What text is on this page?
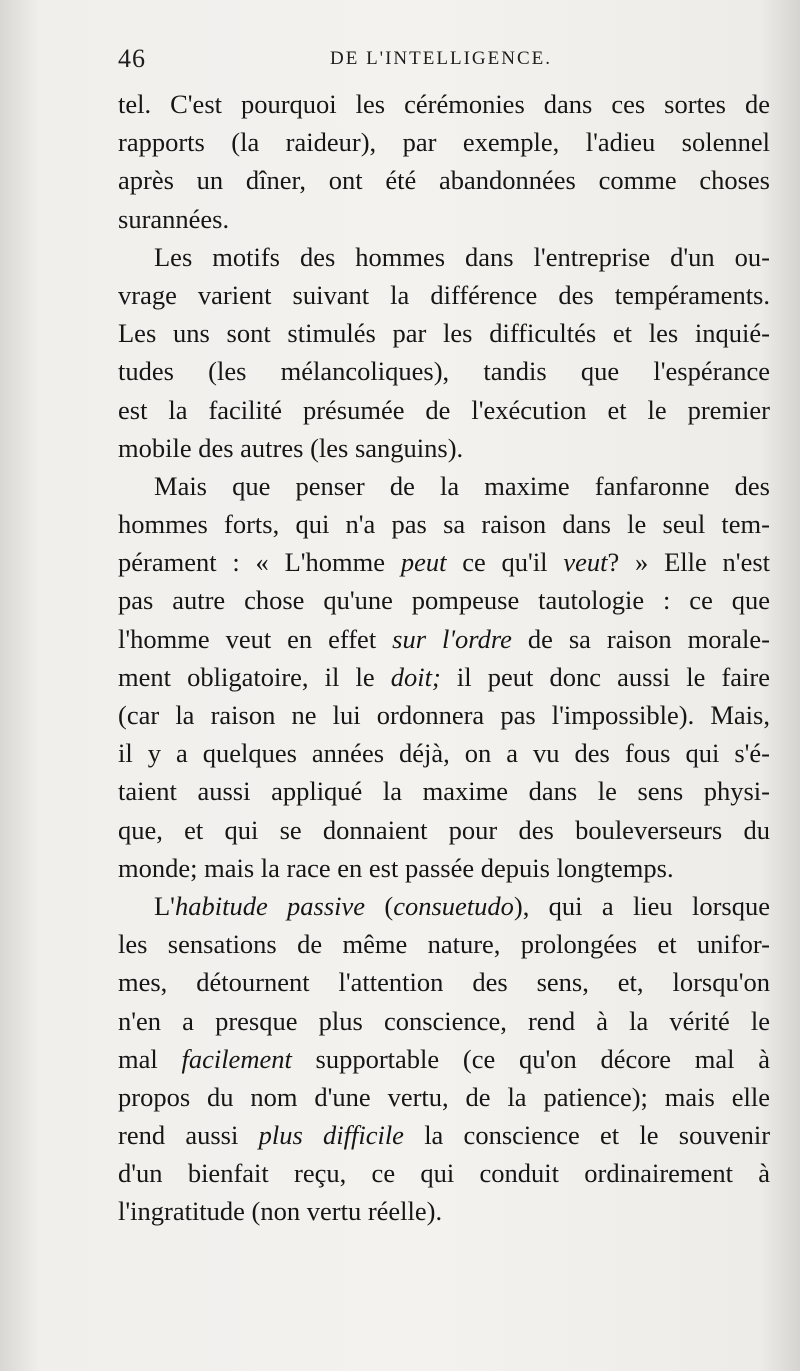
46	DE L'INTELLIGENCE.
tel. C'est pourquoi les cérémonies dans ces sortes de
rapports (la raideur), par exemple, l'adieu solennel
après un dîner, ont été abandonnées comme choses
surannées.
Les motifs des hommes dans l'entreprise d'un ou-
vrage varient suivant la différence des tempéraments.
Les uns sont stimulés par les difficultés et les inquié-
tudes (les mélancoliques), tandis que l'espérance
est la facilité présumée de l'exécution et le premier
mobile des autres (les sanguins).
Mais que penser de la maxime fanfaronne des
hommes forts, qui n'a pas sa raison dans le seul tem-
pérament : « L'homme peut ce qu'il veut? » Elle n'est
pas autre chose qu'une pompeuse tautologie : ce que
l'homme veut en effet sur l'ordre de sa raison morale-
ment obligatoire, il le doit; il peut donc aussi le faire
(car la raison ne lui ordonnera pas l'impossible). Mais,
il y a quelques années déjà, on a vu des fous qui s'é-
taient aussi appliqué la maxime dans le sens physi-
que, et qui se donnaient pour des bouleverseurs du
monde; mais la race en est passée depuis longtemps.
L'habitude passive (consuetudo), qui a lieu lorsque
les sensations de même nature, prolongées et unifor-
mes, détournent l'attention des sens, et, lorsqu'on
n'en a presque plus conscience, rend à la vérité le
mal facilement supportable (ce qu'on décore mal à
propos du nom d'une vertu, de la patience); mais elle
rend aussi plus difficile la conscience et le souvenir
d'un bienfait reçu, ce qui conduit ordinairement à
l'ingratitude (non vertu réelle).
